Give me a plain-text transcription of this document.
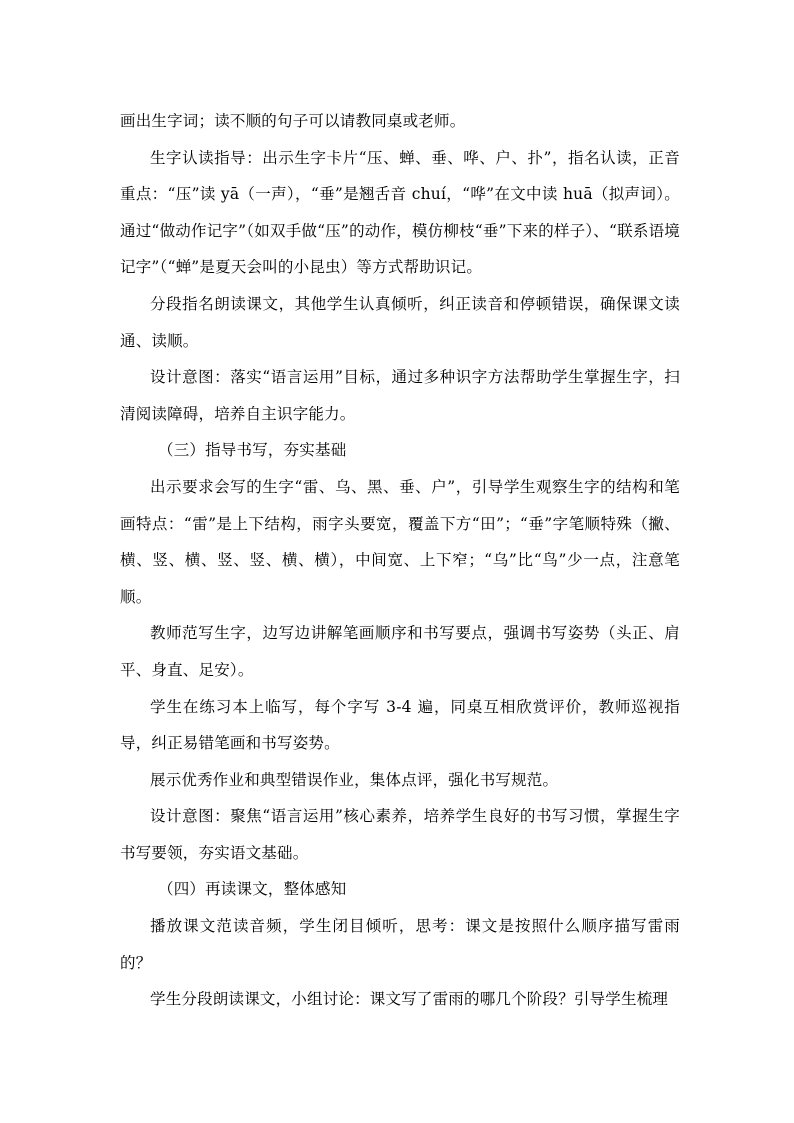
画出生字词；读不顺的句子可以请教同桌或老师。

生字认读指导：出示生字卡片“压、蝉、垂、哗、户、扑”，指名认读，正音重点：“压”读 yā（一声），“垂”是翘舌音 chuí，“哗”在文中读 huā（拟声词）。通过“做动作记字”（如双手做“压”的动作，模仿柳枝“垂”下来的样子）、“联系语境记字”（“蝉”是夏天会叫的小昆虫）等方式帮助识记。

分段指名朗读课文，其他学生认真倾听，纠正读音和停顿错误，确保课文读通、读顺。

设计意图：落实“语言运用”目标，通过多种识字方法帮助学生掌握生字，扫清阅读障碍，培养自主识字能力。

（三）指导书写，夯实基础

出示要求会写的生字“雷、乌、黑、垂、户”，引导学生观察生字的结构和笔画特点：“雷”是上下结构，雨字头要宽，覆盖下方“田”；“垂”字笔顺特殊（撇、横、竖、横、竖、竖、横、横），中间宽、上下窄；“乌”比“鸟”少一点，注意笔顺。

教师范写生字，边写边讲解笔画顺序和书写要点，强调书写姿势（头正、肩平、身直、足安）。

学生在练习本上临写，每个字写 3-4 遍，同桌互相欣赏评价，教师巡视指导，纠正易错笔画和书写姿势。

展示优秀作业和典型错误作业，集体点评，强化书写规范。

设计意图：聚焦“语言运用”核心素养，培养学生良好的书写习惯，掌握生字书写要领，夯实语文基础。

（四）再读课文，整体感知

播放课文范读音频，学生闭目倾听，思考：课文是按照什么顺序描写雷雨的？

学生分段朗读课文，小组讨论：课文写了雷雨的哪几个阶段？引导学生梳理
